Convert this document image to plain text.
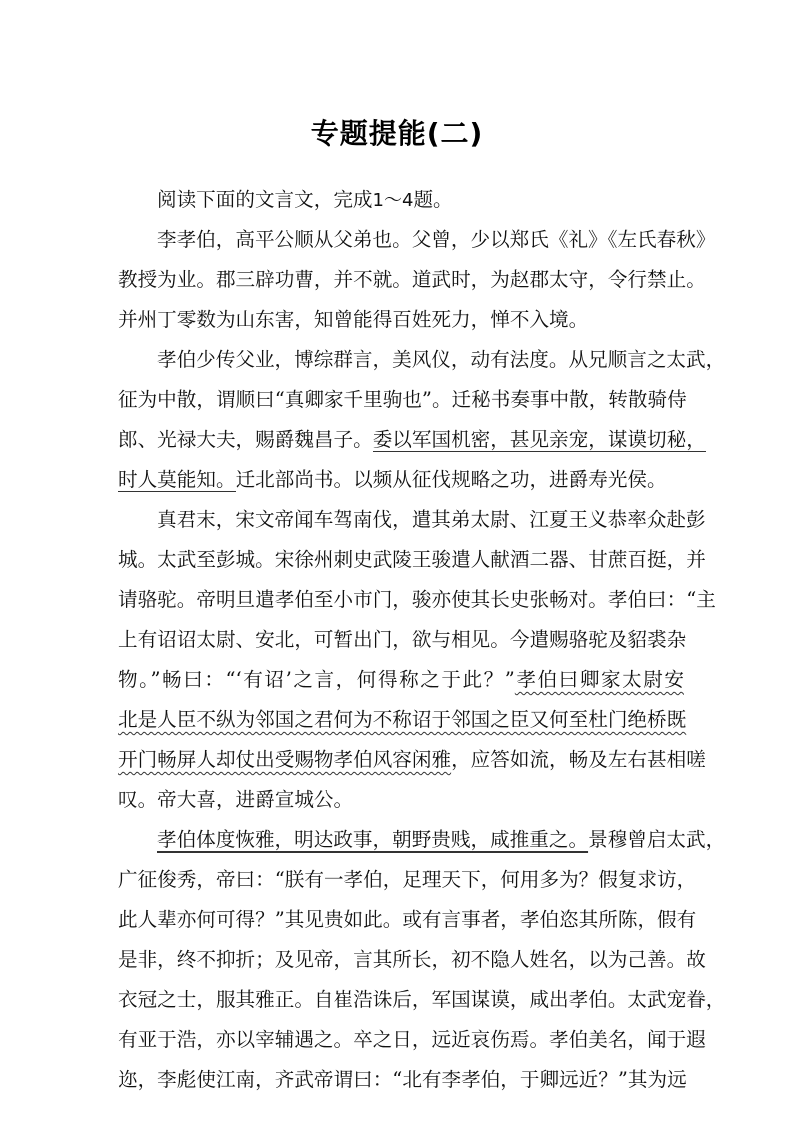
专题提能(二)
阅读下面的文言文，完成1～4题。
李孝伯，高平公顺从父弟也。父曾，少以郑氏《礼》《左氏春秋》
教授为业。郡三辟功曹，并不就。道武时，为赵郡太守，令行禁止。
并州丁零数为山东害，知曾能得百姓死力，惮不入境。
孝伯少传父业，博综群言，美风仪，动有法度。从兄顺言之太武，
征为中散，谓顺曰“真卿家千里驹也”。迁秘书奏事中散，转散骑侍
郎、光禄大夫，赐爵魏昌子。委以军国机密，甚见亲宠，谋谟切秘，
时人莫能知。迁北部尚书。以频从征伐规略之功，进爵寿光侯。
真君末，宋文帝闻车驾南伐，遣其弟太尉、江夏王义恭率众赴彭
城。太武至彭城。宋徐州刺史武陵王骏遣人献酒二器、甘蔗百挺，并
请骆驼。帝明旦遣孝伯至小市门，骏亦使其长史张畅对。孝伯曰：“主
上有诏诏太尉、安北，可暂出门，欲与相见。今遣赐骆驼及貂裘杂
物。”畅曰：“‘有诏’之言，何得称之于此？”孝伯曰卿家太尉安
北是人臣不纵为邻国之君何为不称诏于邻国之臣又何至杜门绝桥既
开门畅屏人却仗出受赐物孝伯风容闲雅，应答如流，畅及左右甚相嗟
叹。帝大喜，进爵宣城公。
孝伯体度恢雅，明达政事，朝野贵贱，咸推重之。景穆曾启太武，
广征俊秀，帝曰：“朕有一孝伯，足理天下，何用多为？假复求访，
此人辈亦何可得？”其见贵如此。或有言事者，孝伯恣其所陈，假有
是非，终不抑折；及见帝，言其所长，初不隐人姓名，以为己善。故
衣冠之士，服其雅正。自崔浩诛后，军国谋谟，咸出孝伯。太武宠眷，
有亚于浩，亦以宰辅遇之。卒之日，远近哀伤焉。孝伯美名，闻于遐
迩，李彪使江南，齐武帝谓曰：“北有李孝伯，于卿远近？”其为远
